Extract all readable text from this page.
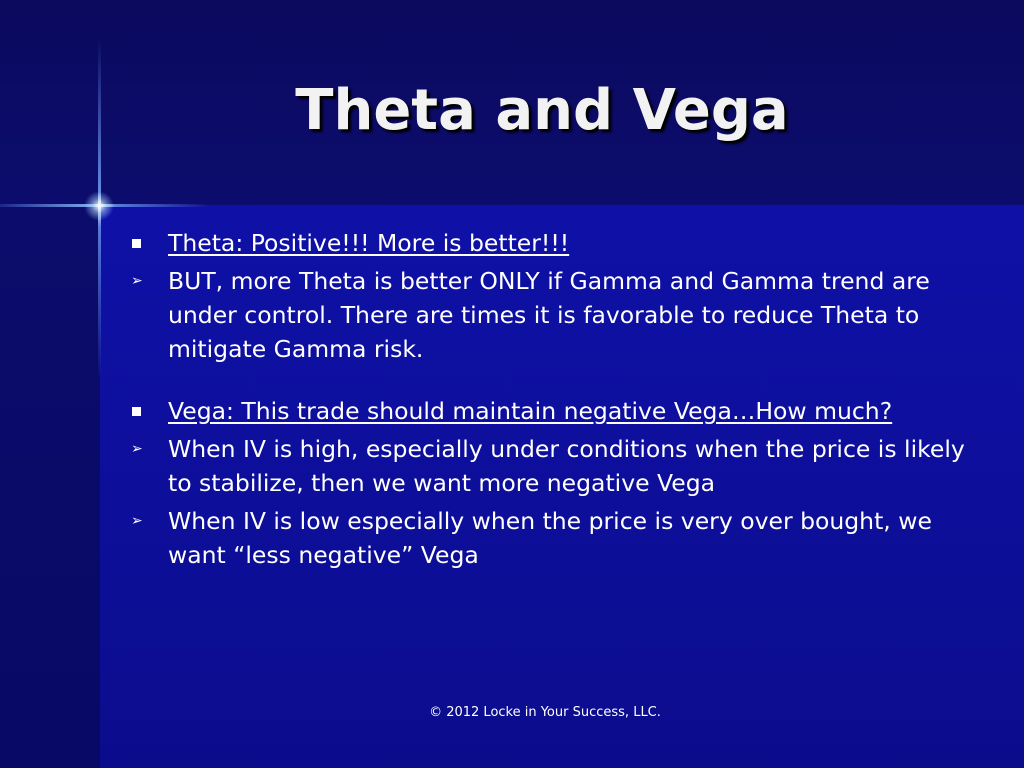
Theta and Vega
Theta: Positive!!! More is better!!!
➢ BUT, more Theta is better ONLY if Gamma and Gamma trend are under control. There are times it is favorable to reduce Theta to mitigate Gamma risk.
Vega: This trade should maintain negative Vega…How much?
➢ When IV is high, especially under conditions when the price is likely to stabilize, then we want more negative Vega
➢ When IV is low especially when the price is very over bought, we want “less negative” Vega
© 2012 Locke in Your Success, LLC.
